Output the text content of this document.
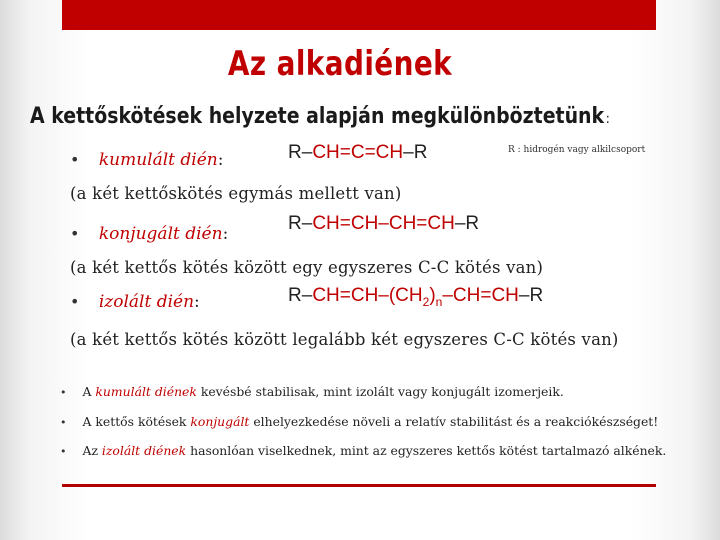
Az alkadiének
A kettőskötések helyzete alapján megkülönböztetünk :
• kumulált dién:	R–CH=C=CH–R	R : hidrogén vagy alkilcsoport
(a két kettőskötés egymás mellett van)
• konjugált dién:	R–CH=CH–CH=CH–R
(a két kettős kötés között egy egyszeres C-C kötés van)
• izolált dién:	$R-CH=CH-(CH_2)_n-CH=CH-R$
(a két kettős kötés között legalább két egyszeres C-C kötés van)
• A kumulált diének kevésbé stabilisak, mint izolált vagy konjugált izomerjeik.
• A kettős kötések konjugált elhelyezkedése növeli a relatív stabilitást és a reakciókészséget!
• Az izolált diének hasonlóan viselkednek, mint az egyszeres kettős kötést tartalmazó alkének.
